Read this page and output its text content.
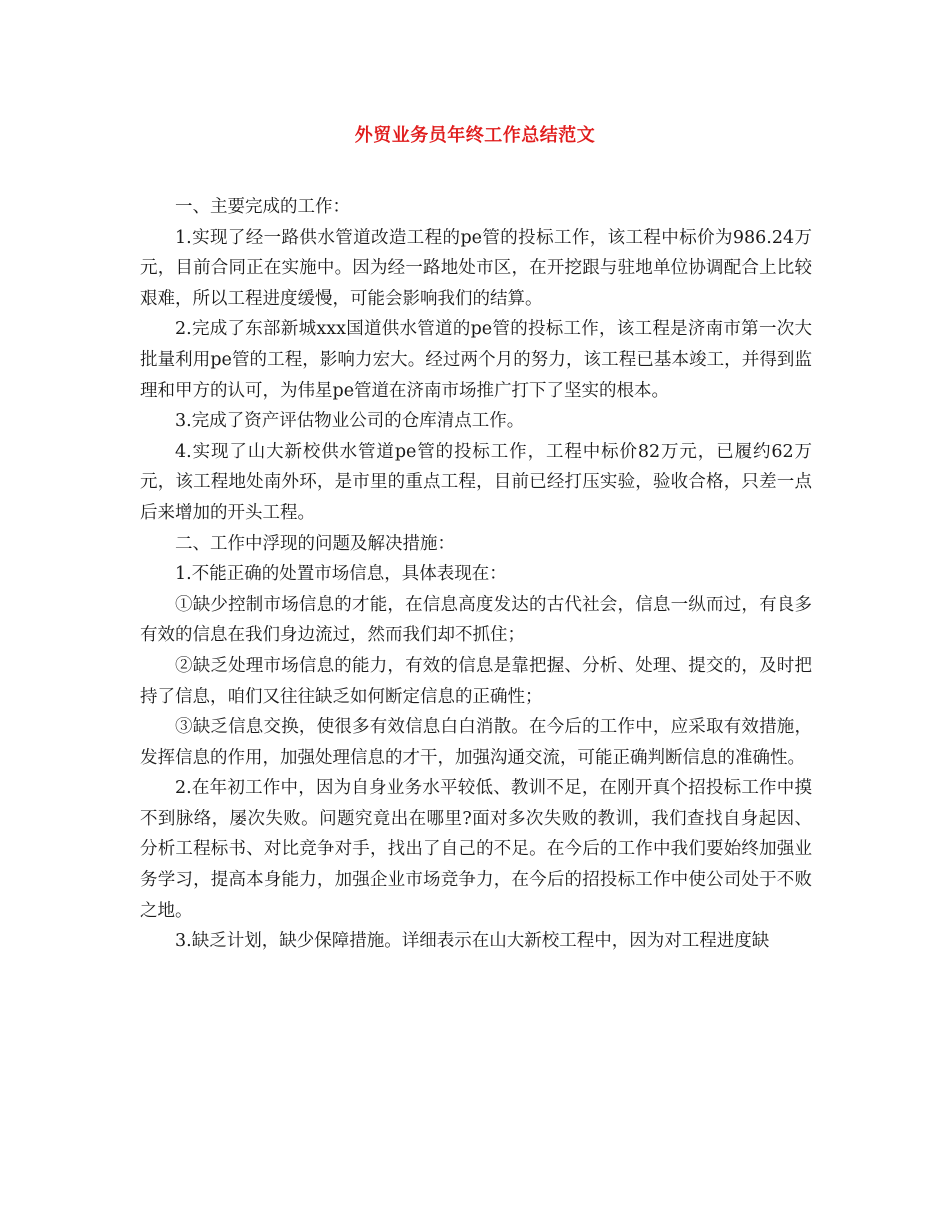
外贸业务员年终工作总结范文

一、主要完成的工作：

1.实现了经一路供水管道改造工程的pe管的投标工作，该工程中标价为986.24万元，目前合同正在实施中。因为经一路地处市区，在开挖跟与驻地单位协调配合上比较艰难，所以工程进度缓慢，可能会影响我们的结算。

2.完成了东部新城xxx国道供水管道的pe管的投标工作，该工程是济南市第一次大批量利用pe管的工程，影响力宏大。经过两个月的努力，该工程已基本竣工，并得到监理和甲方的认可，为伟星pe管道在济南市场推广打下了坚实的根本。

3.完成了资产评估物业公司的仓库清点工作。

4.实现了山大新校供水管道pe管的投标工作，工程中标价82万元，已履约62万元，该工程地处南外环，是市里的重点工程，目前已经打压实验，验收合格，只差一点后来增加的开头工程。

二、工作中浮现的问题及解决措施：

1.不能正确的处置市场信息，具体表现在：

①缺少控制市场信息的才能，在信息高度发达的古代社会，信息一纵而过，有良多有效的信息在我们身边流过，然而我们却不抓住；

②缺乏处理市场信息的能力，有效的信息是靠把握、分析、处理、提交的，及时把持了信息，咱们又往往缺乏如何断定信息的正确性；

③缺乏信息交换，使很多有效信息白白消散。在今后的工作中，应采取有效措施，发挥信息的作用，加强处理信息的才干，加强沟通交流，可能正确判断信息的准确性。

2.在年初工作中，因为自身业务水平较低、教训不足，在刚开真个招投标工作中摸不到脉络，屡次失败。问题究竟出在哪里?面对多次失败的教训，我们查找自身起因、分析工程标书、对比竞争对手，找出了自己的不足。在今后的工作中我们要始终加强业务学习，提高本身能力，加强企业市场竞争力，在今后的招投标工作中使公司处于不败之地。

3.缺乏计划，缺少保障措施。详细表示在山大新校工程中，因为对工程进度缺
